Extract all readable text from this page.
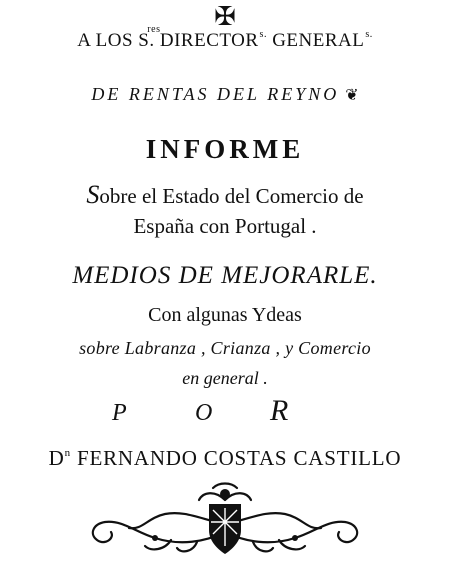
✠
A LOS S.
res
$DIRECTOR^{s.}$ $GENERAL^{s.}$
DE RENTAS DEL REYNO ❦
INFORME
Sobre el Estado del Comercio de
España con Portugal .
MEDIOS DE MEJORARLE.
Con algunas Ydeas
sobre Labranza , Crianza , y Comercio
en general .
P	O R
$D^n$ FERNANDO COSTAS CASTILLO
